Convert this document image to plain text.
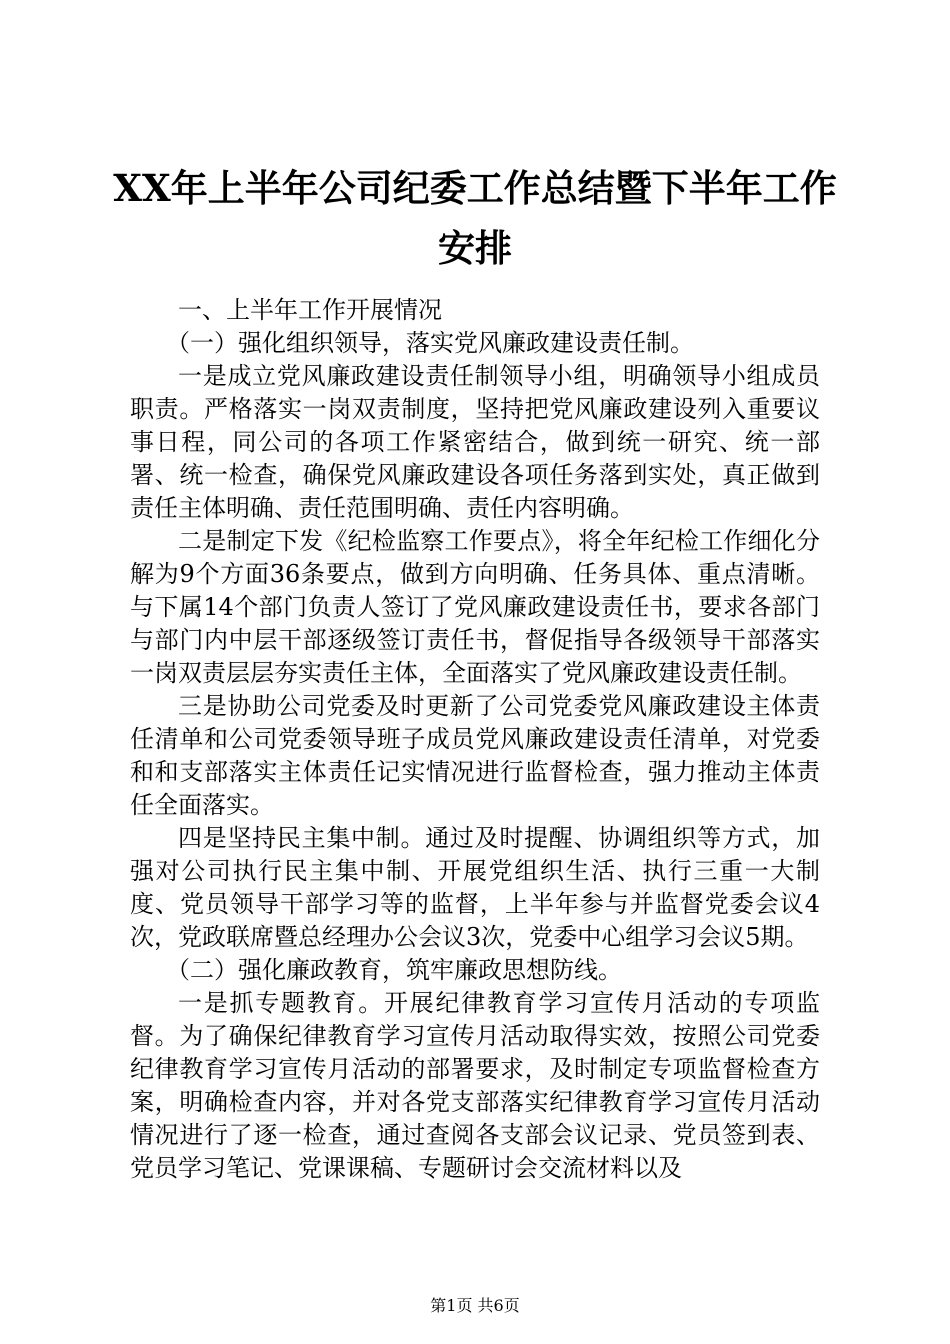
XX年上半年公司纪委工作总结暨下半年工作安排

一、上半年工作开展情况

（一）强化组织领导，落实党风廉政建设责任制。

一是成立党风廉政建设责任制领导小组，明确领导小组成员职责。严格落实一岗双责制度，坚持把党风廉政建设列入重要议事日程，同公司的各项工作紧密结合，做到统一研究、统一部署、统一检查，确保党风廉政建设各项任务落到实处，真正做到责任主体明确、责任范围明确、责任内容明确。

二是制定下发《纪检监察工作要点》，将全年纪检工作细化分解为9个方面36条要点，做到方向明确、任务具体、重点清晰。与下属14个部门负责人签订了党风廉政建设责任书，要求各部门与部门内中层干部逐级签订责任书，督促指导各级领导干部落实一岗双责层层夯实责任主体，全面落实了党风廉政建设责任制。

三是协助公司党委及时更新了公司党委党风廉政建设主体责任清单和公司党委领导班子成员党风廉政建设责任清单，对党委和和支部落实主体责任记实情况进行监督检查，强力推动主体责任全面落实。

四是坚持民主集中制。通过及时提醒、协调组织等方式，加强对公司执行民主集中制、开展党组织生活、执行三重一大制度、党员领导干部学习等的监督，上半年参与并监督党委会议4次，党政联席暨总经理办公会议3次，党委中心组学习会议5期。

（二）强化廉政教育，筑牢廉政思想防线。

一是抓专题教育。开展纪律教育学习宣传月活动的专项监督。为了确保纪律教育学习宣传月活动取得实效，按照公司党委纪律教育学习宣传月活动的部署要求，及时制定专项监督检查方案，明确检查内容，并对各党支部落实纪律教育学习宣传月活动情况进行了逐一检查，通过查阅各支部会议记录、党员签到表、党员学习笔记、党课课稿、专题研讨会交流材料以及

第1页 共6页
